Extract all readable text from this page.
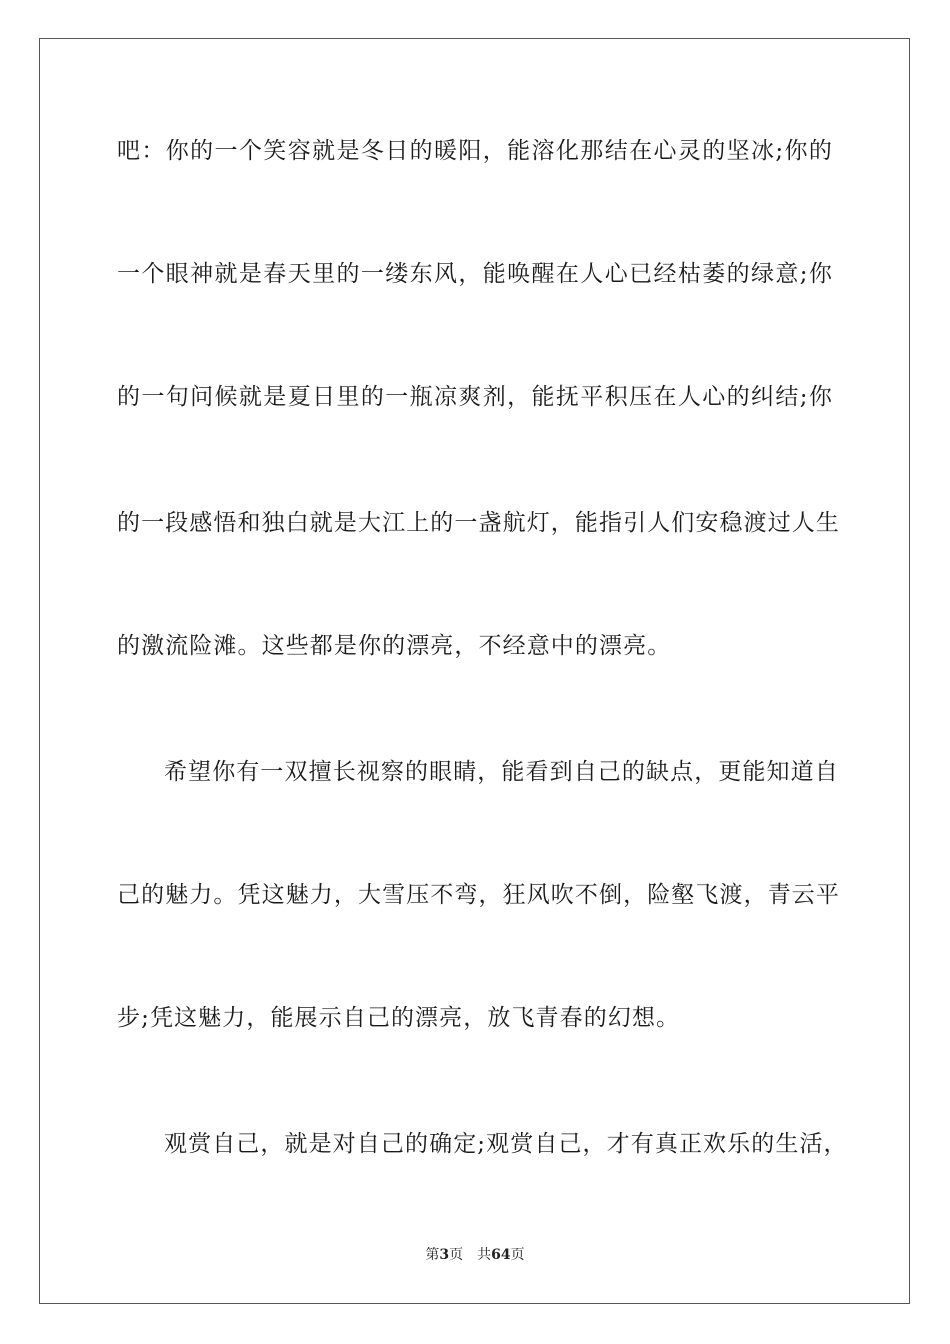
吧：你的一个笑容就是冬日的暖阳，能溶化那结在心灵的坚冰;你的
一个眼神就是春天里的一缕东风，能唤醒在人心已经枯萎的绿意;你
的一句问候就是夏日里的一瓶凉爽剂，能抚平积压在人心的纠结;你
的一段感悟和独白就是大江上的一盏航灯，能指引人们安稳渡过人生
的激流险滩。这些都是你的漂亮，不经意中的漂亮。
希望你有一双擅长视察的眼睛，能看到自己的缺点，更能知道自
己的魅力。凭这魅力，大雪压不弯，狂风吹不倒，险壑飞渡，青云平
步;凭这魅力，能展示自己的漂亮，放飞青春的幻想。
观赏自己，就是对自己的确定;观赏自己，才有真正欢乐的生活，
第3页 共64页
